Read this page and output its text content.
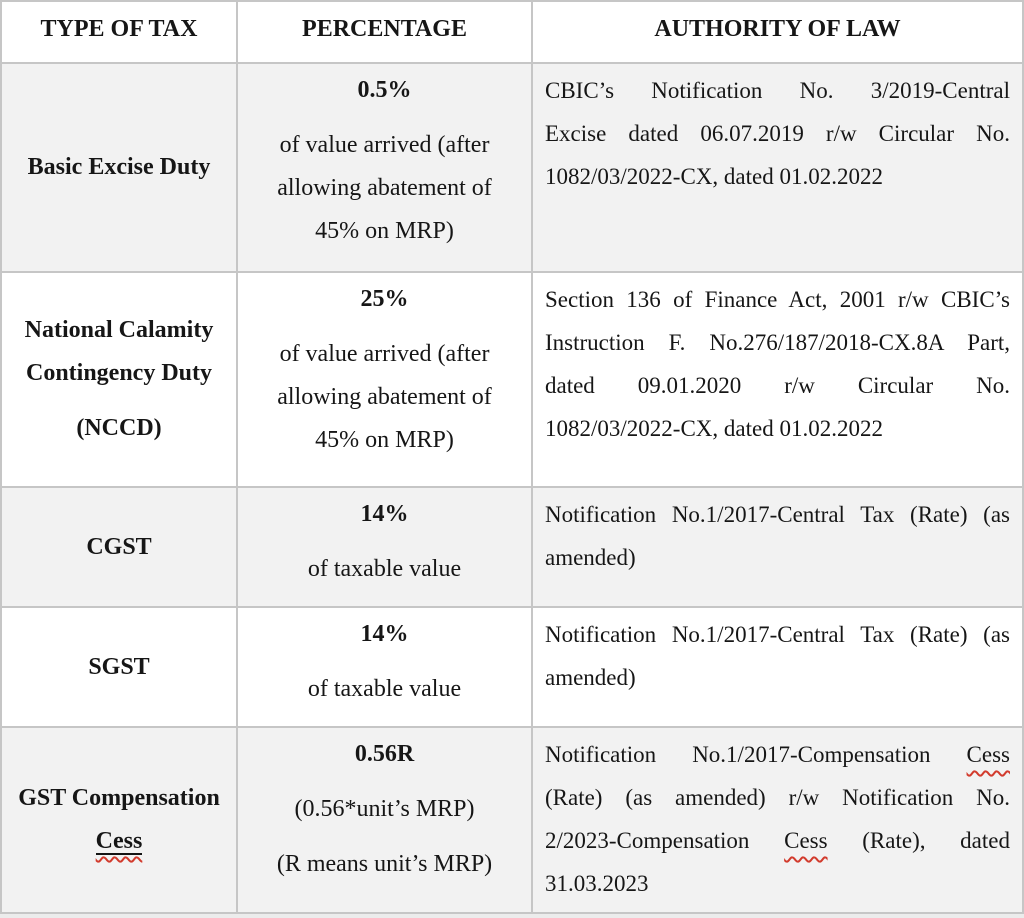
TYPE OF TAX	PERCENTAGE	AUTHORITY OF LAW
Basic Excise Duty
0.5%
of value arrived (after
allowing abatement of
45% on MRP)
CBIC’s Notification No. 3/2019-Central
Excise dated 06.07.2019 r/w Circular No.
1082/03/2022-CX, dated 01.02.2022
National Calamity
Contingency Duty
(NCCD)
25%
of value arrived (after
allowing abatement of
45% on MRP)
Section 136 of Finance Act, 2001 r/w CBIC’s
Instruction F. No.276/187/2018-CX.8A Part,
dated 09.01.2020 r/w Circular No.
1082/03/2022-CX, dated 01.02.2022
CGST
14%
of taxable value
Notification No.1/2017-Central Tax (Rate) (as
amended)
SGST
14%
of taxable value
Notification No.1/2017-Central Tax (Rate) (as
amended)
GST Compensation
Cess
0.56R
(0.56*unit’s MRP)
(R means unit’s MRP)
Notification No.1/2017-Compensation Cess
(Rate) (as amended) r/w Notification No.
2/2023-Compensation Cess (Rate), dated
31.03.2023
